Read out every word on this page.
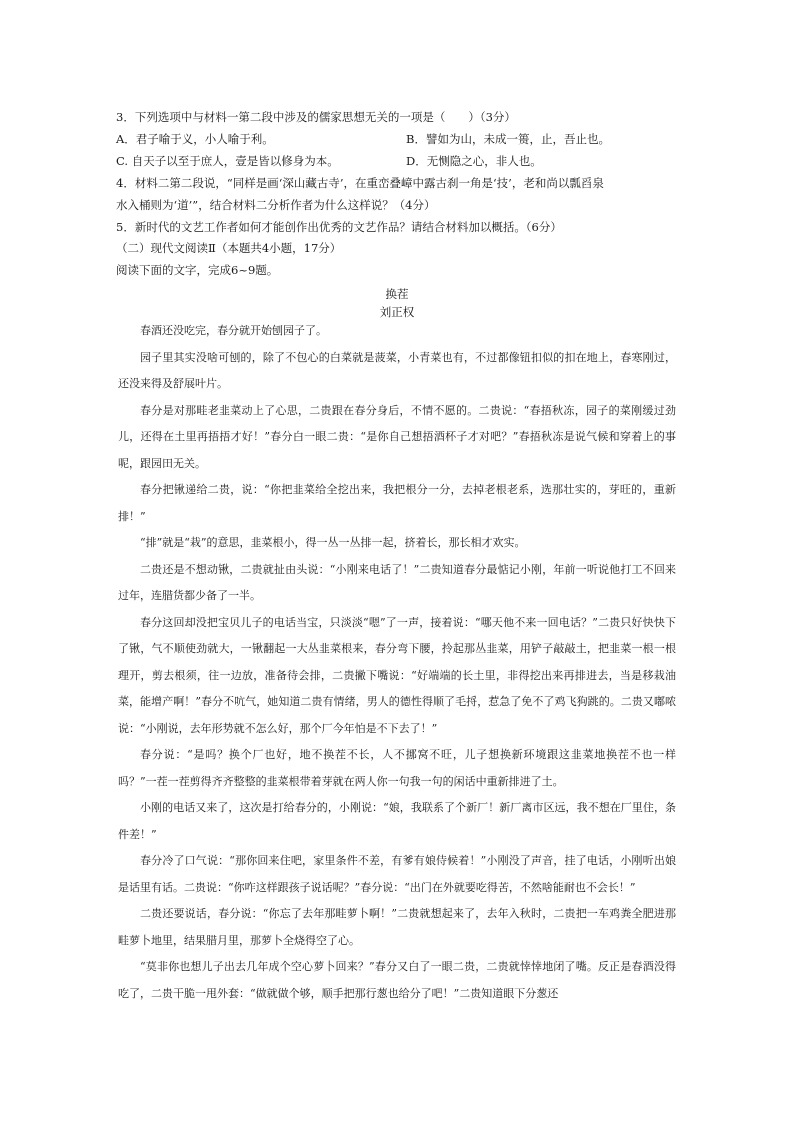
3．下列选项中与材料一第二段中涉及的儒家思想无关的一项是（　　）（3分）
A．君子喻于义，小人喻于利。	B．譬如为山，未成一篑，止，吾止也。
C. 自天子以至于庶人，壹是皆以修身为本。	D．无恻隐之心，非人也。
4．材料二第二段说，“同样是画‘深山藏古寺’，在重峦叠嶂中露古刹一角是‘技’，老和尚以瓢舀泉
水入桶则为‘道’”，结合材料二分析作者为什么这样说？（4分）
5．新时代的文艺工作者如何才能创作出优秀的文艺作品？请结合材料加以概括。（6分）
（二）现代文阅读Ⅱ（本题共4小题，17分）
阅读下面的文字，完成6~9题。
换茬
刘正权

春酒还没吃完，春分就开始刨园子了。

园子里其实没啥可刨的，除了不包心的白菜就是菠菜，小青菜也有，不过都像钮扣似的扣在地上，春寒刚过，还没来得及舒展叶片。

春分是对那畦老韭菜动上了心思，二贵跟在春分身后，不情不愿的。二贵说：“春捂秋冻，园子的菜刚缓过劲儿，还得在土里再捂捂才好！”春分白一眼二贵：“是你自己想捂酒杯子才对吧？”春捂秋冻是说气候和穿着上的事呢，跟园田无关。

春分把锹递给二贵，说：“你把韭菜给全挖出来，我把根分一分，去掉老根老系，选那壮实的，芽旺的，重新排！”

“排”就是“栽”的意思，韭菜根小，得一丛一丛排一起，挤着长，那长相才欢实。

二贵还是不想动锹，二贵就扯由头说：“小刚来电话了！”二贵知道春分最惦记小刚，年前一听说他打工不回来过年，连腊货都少备了一半。

春分这回却没把宝贝儿子的电话当宝，只淡淡“嗯”了一声，接着说：“哪天他不来一回电话？”二贵只好快快下了锹，气不顺使劲就大，一锹翻起一大丛韭菜根来，春分弯下腰，拎起那丛韭菜，用铲子敲敲土，把韭菜一根一根理开，剪去根须，往一边放，准备待会排，二贵撇下嘴说：“好端端的长土里，非得挖出来再排进去，当是移栽油菜，能增产啊！”春分不吭气，她知道二贵有情绪，男人的德性得顺了毛捋，惹急了免不了鸡飞狗跳的。二贵又嘟哝说：“小刚说，去年形势就不怎么好，那个厂今年怕是不下去了！”

春分说：“是吗？换个厂也好，地不换茬不长，人不挪窝不旺，儿子想换新环境跟这韭菜地换茬不也一样吗？”一茬一茬剪得齐齐整整的韭菜根带着芽就在两人你一句我一句的闲话中重新排进了土。

小刚的电话又来了，这次是打给春分的，小刚说：“娘，我联系了个新厂！新厂离市区远，我不想在厂里住，条件差！”

春分冷了口气说：“那你回来住吧，家里条件不差，有爹有娘侍候着！”小刚没了声音，挂了电话，小刚听出娘是话里有话。二贵说：“你咋这样跟孩子说话呢？”春分说：“出门在外就要吃得苦，不然啥能耐也不会长！”

二贵还要说话，春分说：“你忘了去年那畦萝卜啊！”二贵就想起来了，去年入秋时，二贵把一车鸡粪全肥进那畦萝卜地里，结果腊月里，那萝卜全烧得空了心。

“莫非你也想儿子出去几年成个空心萝卜回来？”春分又白了一眼二贵，二贵就悻悻地闭了嘴。反正是春酒没得吃了，二贵干脆一甩外套：“做就做个够，顺手把那行葱也给分了吧！”二贵知道眼下分葱还
